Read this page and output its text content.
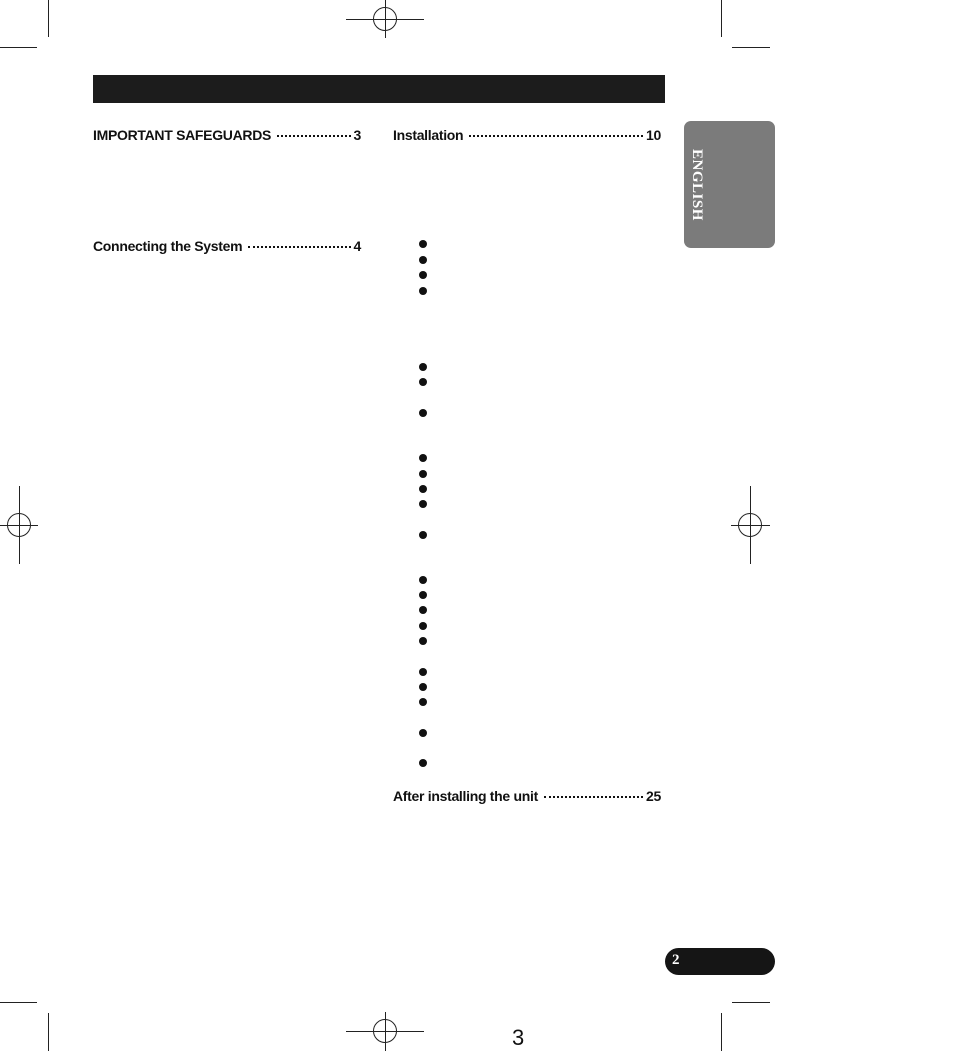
IMPORTANT SAFEGUARDS	3
Connecting the System	4
Installation	10
After installing the unit	25
ENGLISH
2
3
